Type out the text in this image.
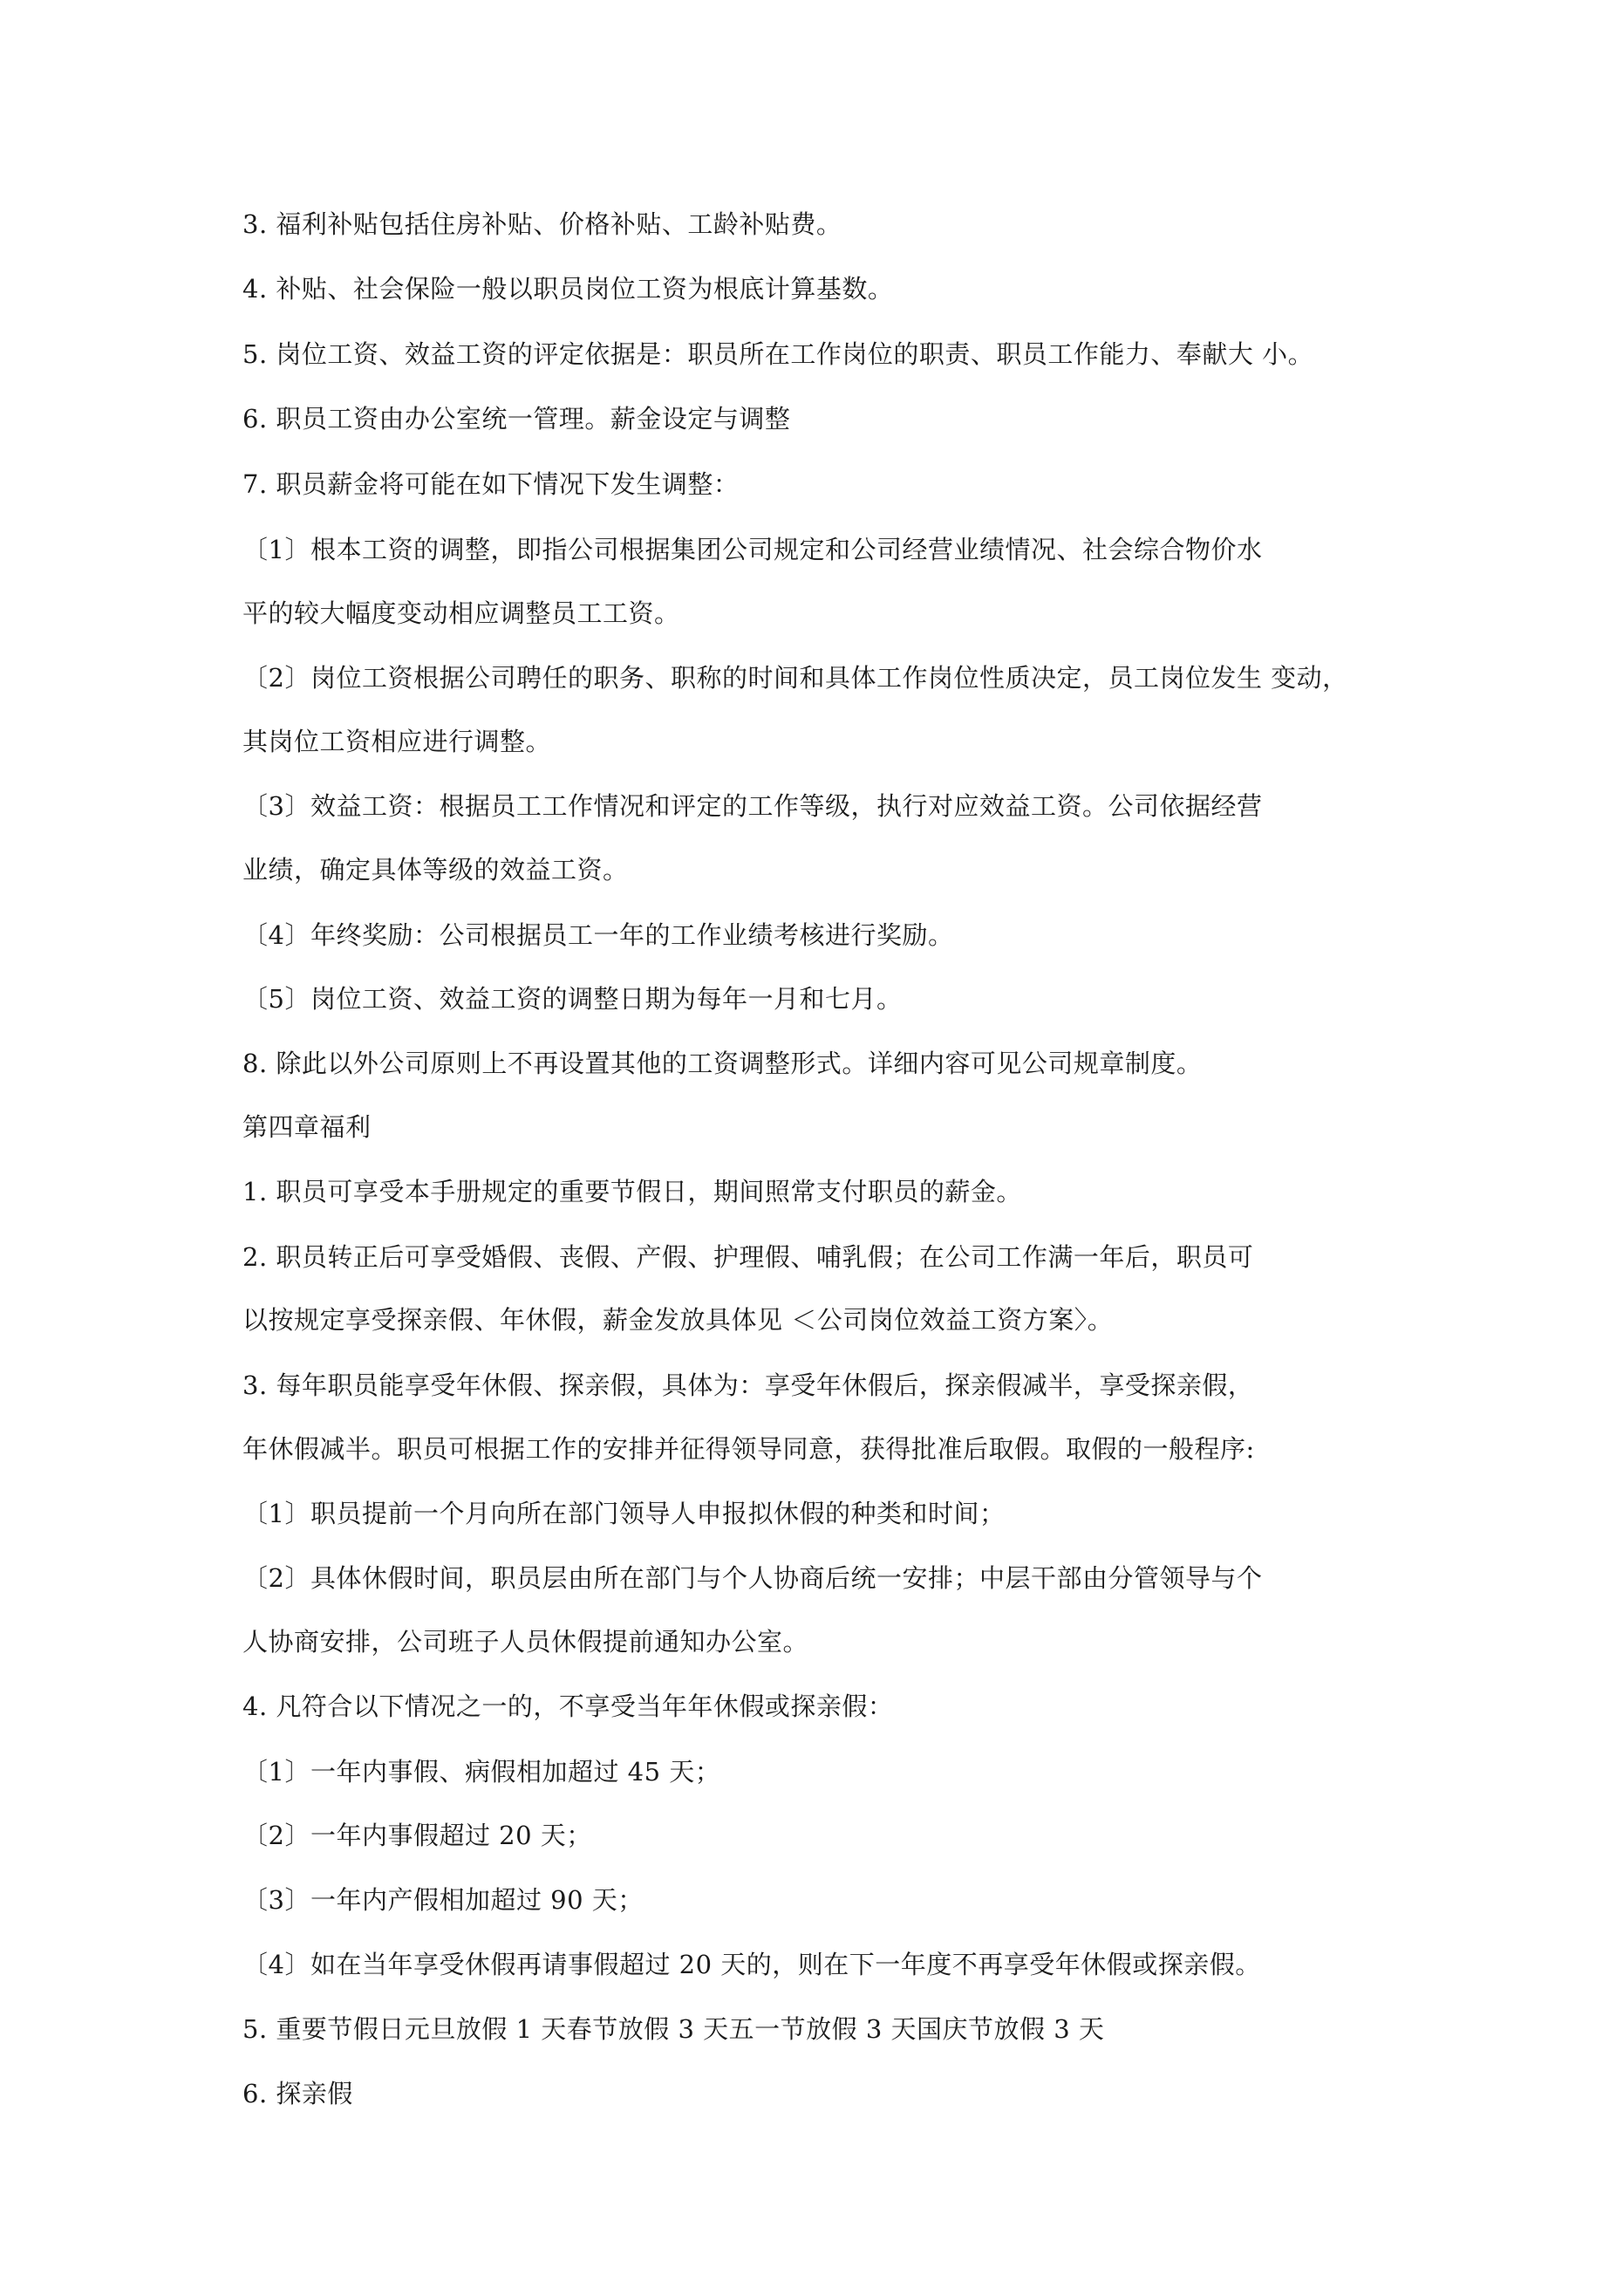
3. 福利补贴包括住房补贴、价格补贴、工龄补贴费。
4. 补贴、社会保险一般以职员岗位工资为根底计算基数。
5. 岗位工资、效益工资的评定依据是：职员所在工作岗位的职责、职员工作能力、奉献大 小。
6. 职员工资由办公室统一管理。薪金设定与调整
7. 职员薪金将可能在如下情况下发生调整：
〔1〕根本工资的调整，即指公司根据集团公司规定和公司经营业绩情况、社会综合物价水
平的较大幅度变动相应调整员工工资。
〔2〕岗位工资根据公司聘任的职务、职称的时间和具体工作岗位性质决定，员工岗位发生 变动，
其岗位工资相应进行调整。
〔3〕效益工资：根据员工工作情况和评定的工作等级，执行对应效益工资。公司依据经营
业绩，确定具体等级的效益工资。
〔4〕年终奖励：公司根据员工一年的工作业绩考核进行奖励。
〔5〕岗位工资、效益工资的调整日期为每年一月和七月。
8. 除此以外公司原则上不再设置其他的工资调整形式。详细内容可见公司规章制度。
第四章福利
1. 职员可享受本手册规定的重要节假日，期间照常支付职员的薪金。
2. 职员转正后可享受婚假、丧假、产假、护理假、哺乳假；在公司工作满一年后，职员可
以按规定享受探亲假、年休假，薪金发放具体见 ＜公司岗位效益工资方案〉。
3. 每年职员能享受年休假、探亲假，具体为：享受年休假后，探亲假减半，享受探亲假，
年休假减半。职员可根据工作的安排并征得领导同意，获得批准后取假。取假的一般程序:
〔1〕职员提前一个月向所在部门领导人申报拟休假的种类和时间；
〔2〕具体休假时间，职员层由所在部门与个人协商后统一安排；中层干部由分管领导与个
人协商安排，公司班子人员休假提前通知办公室。
4. 凡符合以下情况之一的，不享受当年年休假或探亲假：
〔1〕一年内事假、病假相加超过 45 天；
〔2〕一年内事假超过 20 天；
〔3〕一年内产假相加超过 90 天；
〔4〕如在当年享受休假再请事假超过 20 天的，则在下一年度不再享受年休假或探亲假。
5. 重要节假日元旦放假 1 天春节放假 3 天五一节放假 3 天国庆节放假 3 天
6. 探亲假
